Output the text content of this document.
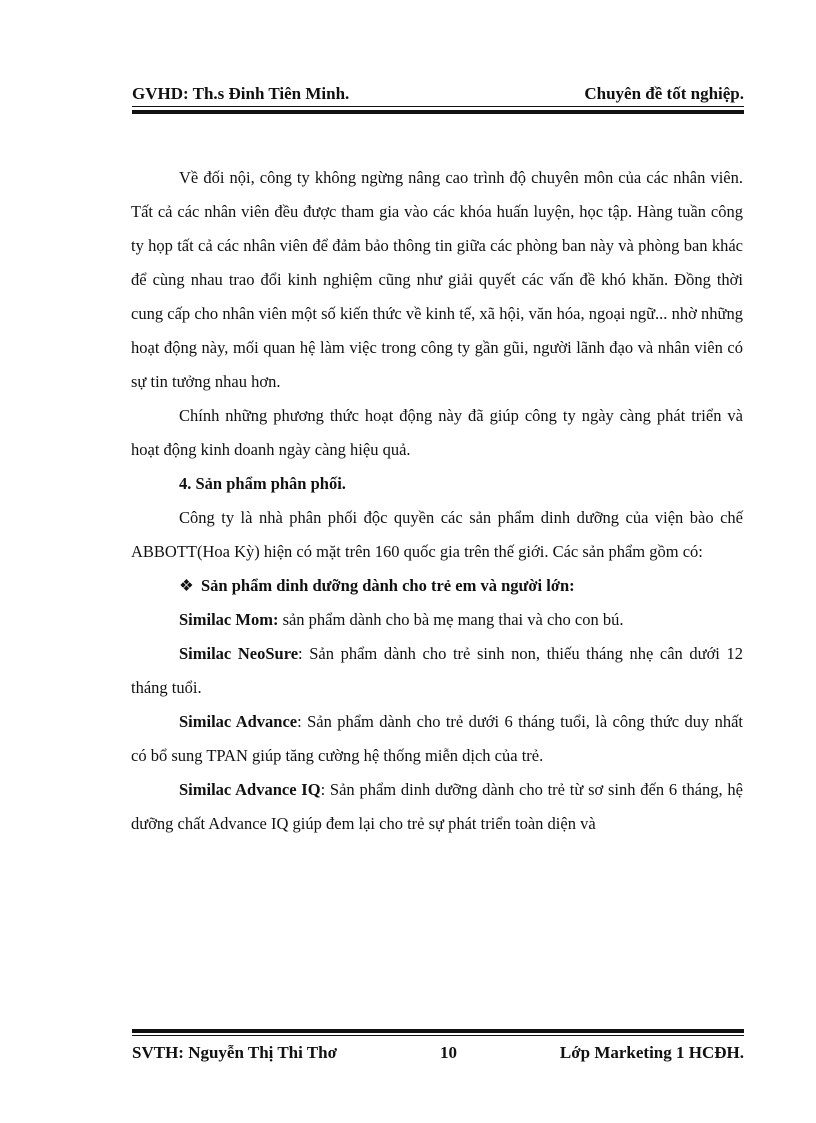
GVHD: Th.s Đinh Tiên Minh.	Chuyên đề tốt nghiệp.

Về đối nội, công ty không ngừng nâng cao trình độ chuyên môn của các nhân viên. Tất cả các nhân viên đều được tham gia vào các khóa huấn luyện, học tập. Hàng tuần công ty họp tất cả các nhân viên để đảm bảo thông tin giữa các phòng ban này và phòng ban khác để cùng nhau trao đổi kinh nghiệm cũng như giải quyết các vấn đề khó khăn. Đồng thời cung cấp cho nhân viên một số kiến thức về kinh tế, xã hội, văn hóa, ngoại ngữ... nhờ những hoạt động này, mối quan hệ làm việc trong công ty gần gũi, người lãnh đạo và nhân viên có sự tin tưởng nhau hơn.

Chính những phương thức hoạt động này đã giúp công ty ngày càng phát triển và hoạt động kinh doanh ngày càng hiệu quả.

4. Sản phẩm phân phối.

Công ty là nhà phân phối độc quyền các sản phẩm dinh dưỡng của viện bào chế ABBOTT(Hoa Kỳ) hiện có mặt trên 160 quốc gia trên thế giới. Các sản phẩm gồm có:

❖ Sản phẩm dinh dưỡng dành cho trẻ em và người lớn:

Similac Mom: sản phẩm dành cho bà mẹ mang thai và cho con bú.

Similac NeoSure: Sản phẩm dành cho trẻ sinh non, thiếu tháng nhẹ cân dưới 12 tháng tuổi.

Similac Advance: Sản phẩm dành cho trẻ dưới 6 tháng tuổi, là công thức duy nhất có bổ sung TPAN giúp tăng cường hệ thống miễn dịch của trẻ.

Similac Advance IQ: Sản phẩm dinh dưỡng dành cho trẻ từ sơ sinh đến 6 tháng, hệ dưỡng chất Advance IQ giúp đem lại cho trẻ sự phát triển toàn diện và

SVTH: Nguyễn Thị Thi Thơ	10	Lớp Marketing 1 HCĐH.
